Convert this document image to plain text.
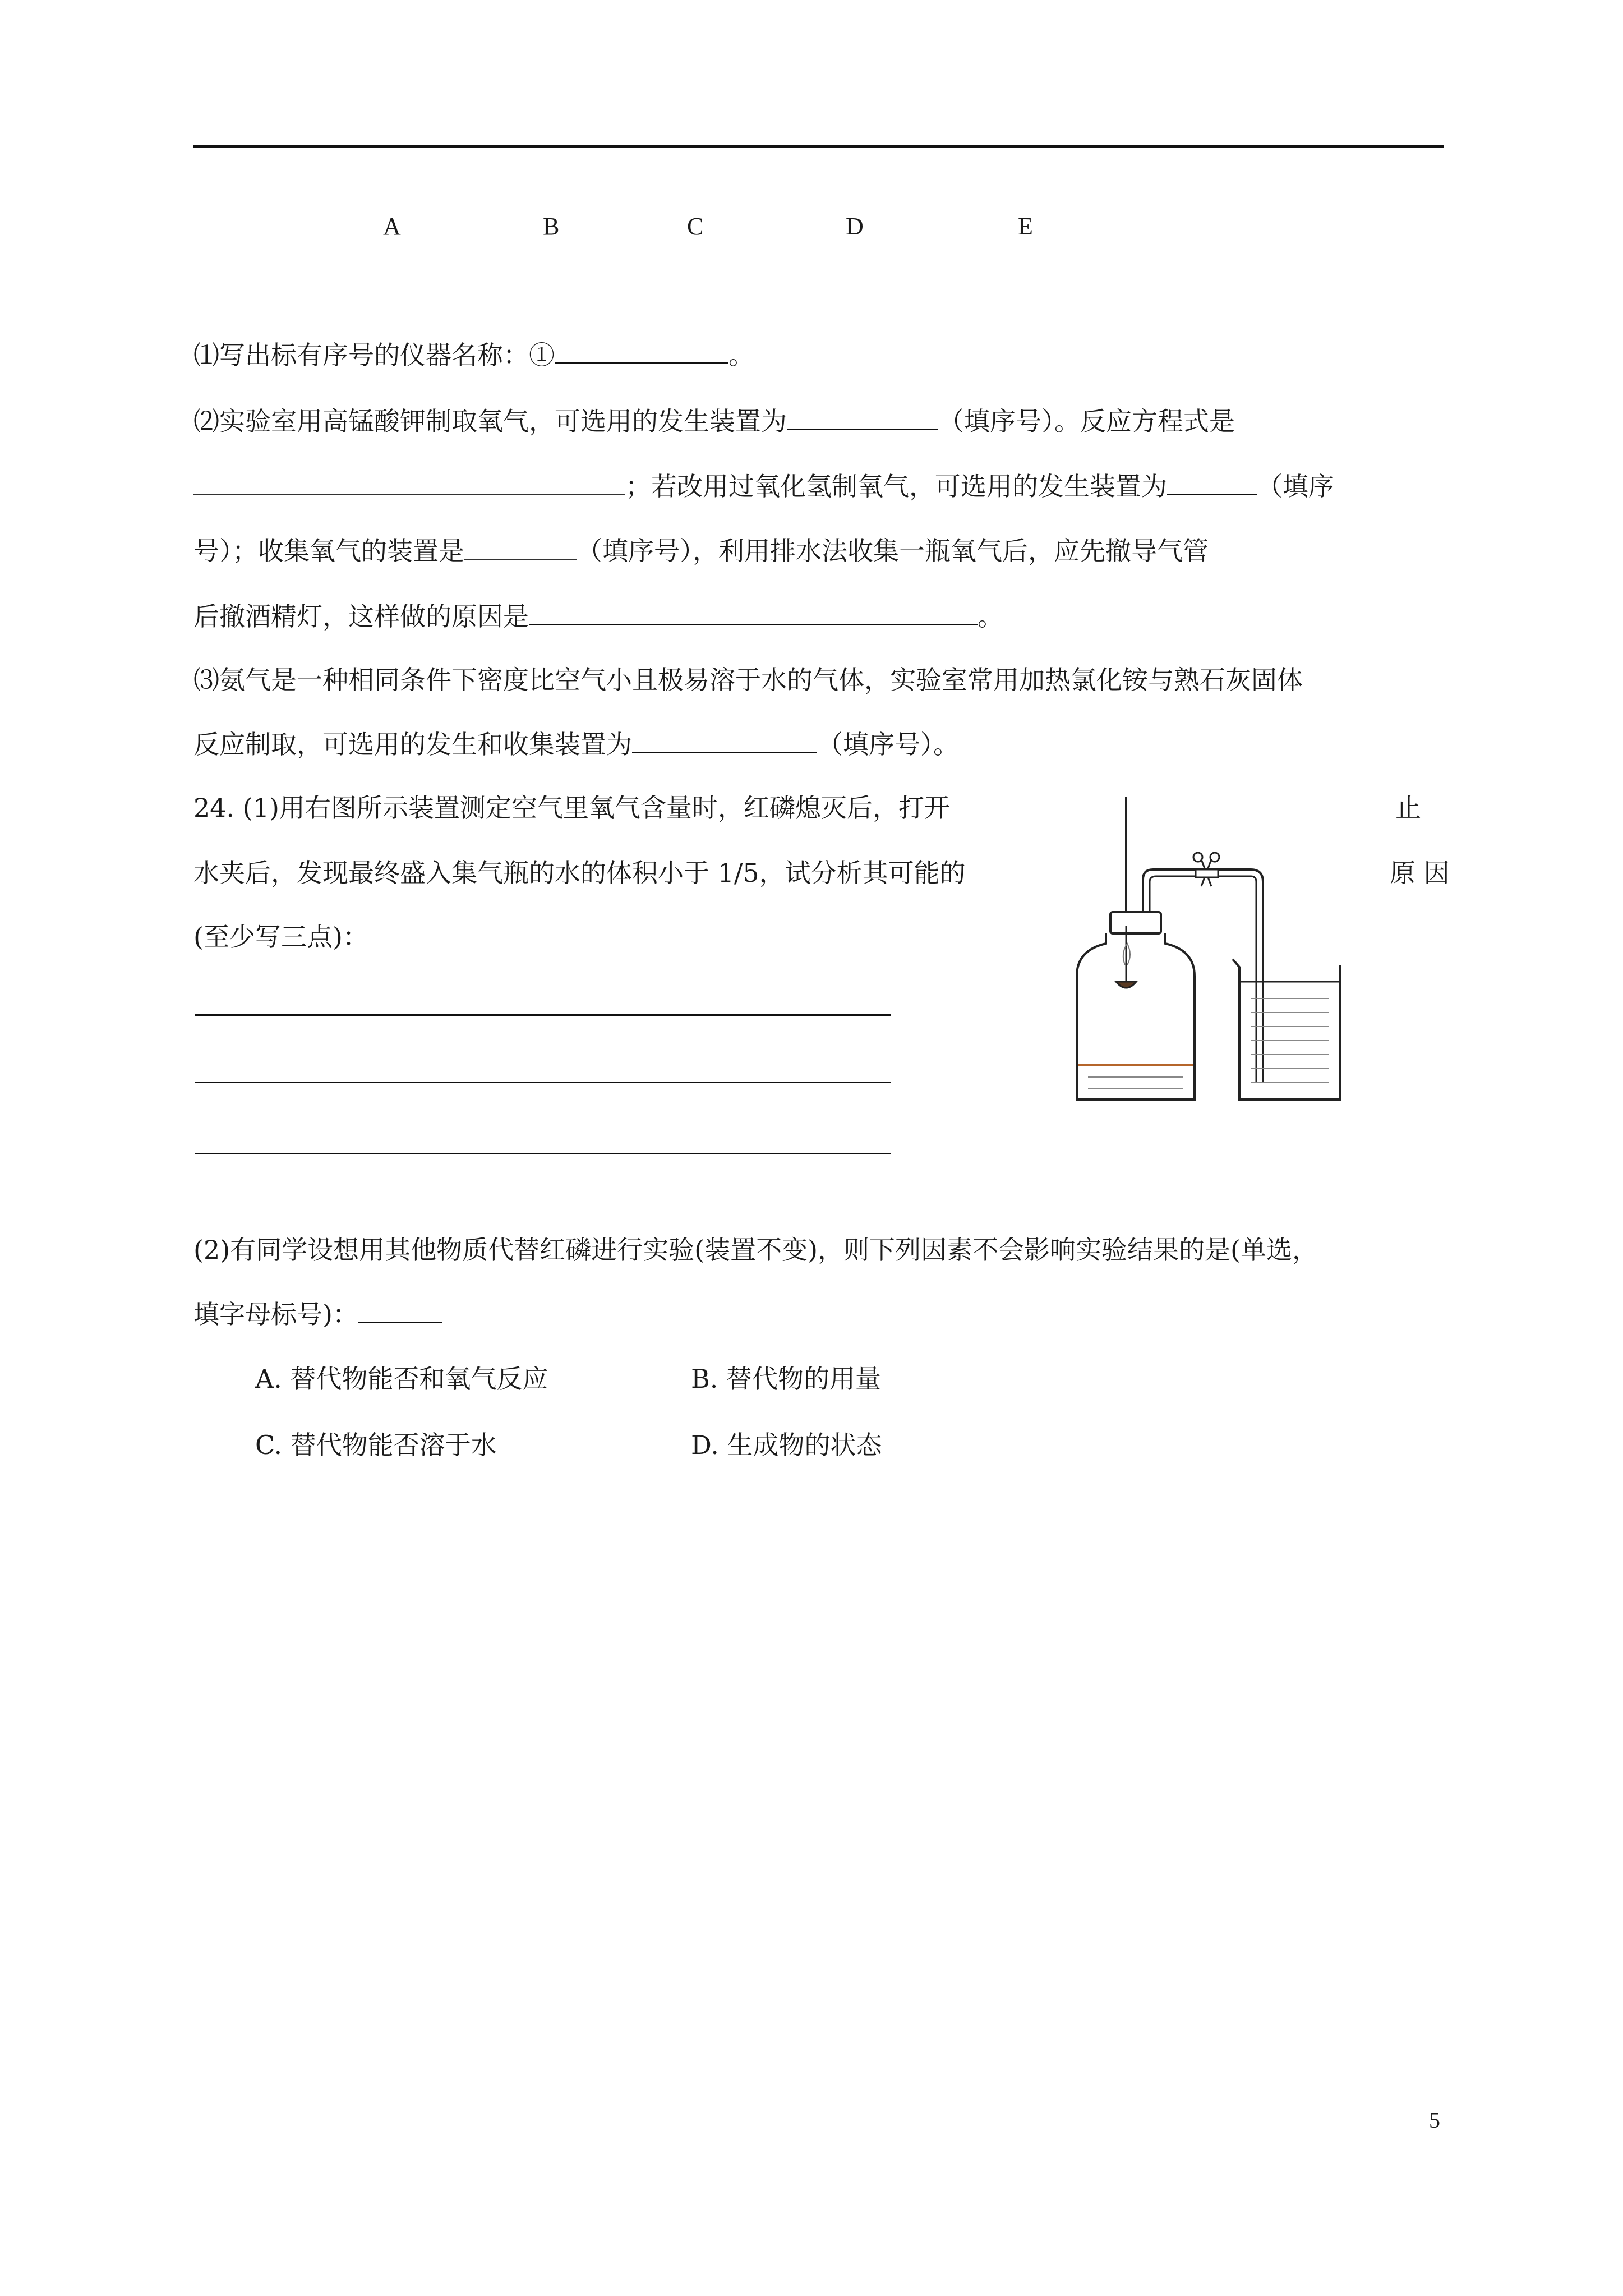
A	B	C	D	E
⑴写出标有序号的仪器名称：①	。
⑵实验室用高锰酸钾制取氧气，可选用的发生装置为	（填序号）。反应方程式是
；若改用过氧化氢制氧气，可选用的发生装置为	（填序
号）；收集氧气的装置是	（填序号），利用排水法收集一瓶氧气后，应先撤导气管
后撤酒精灯，这样做的原因是	。
⑶氨气是一种相同条件下密度比空气小且极易溶于水的气体，实验室常用加热氯化铵与熟石灰固体
反应制取，可选用的发生和收集装置为	（填序号）。
24. (1)用右图所示装置测定空气里氧气含量时，红磷熄灭后，打开	止
水夹后，发现最终盛入集气瓶的水的体积小于 1/5，试分析其可能的	原 因
(至少写三点)：
(2)有同学设想用其他物质代替红磷进行实验(装置不变)，则下列因素不会影响实验结果的是(单选，
填字母标号)：
A. 替代物能否和氧气反应	B. 替代物的用量
C. 替代物能否溶于水	D. 生成物的状态
5
